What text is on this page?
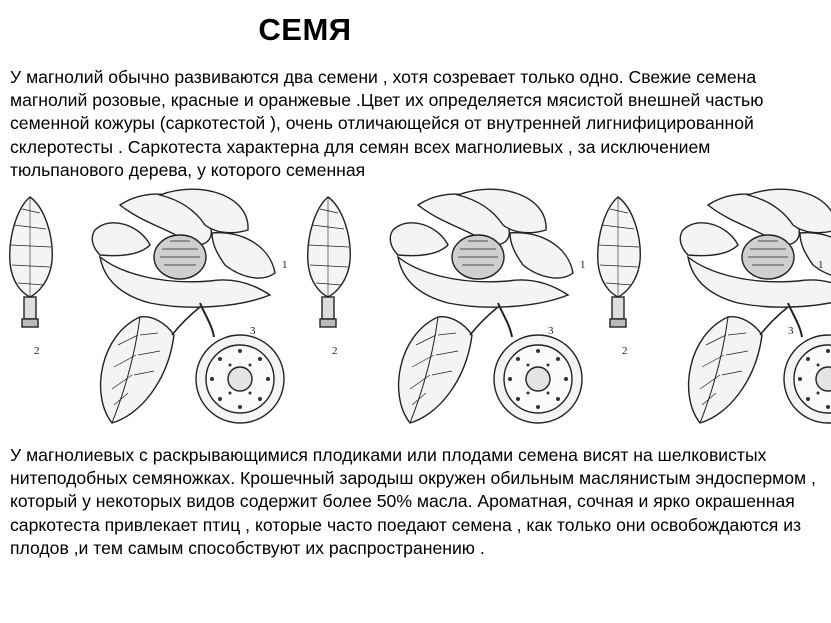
СЕМЯ

У магнолий обычно развиваются два семени , хотя созревает только одно. Свежие семена магнолий розовые, красные и оранжевые .Цвет их определяется мясистой внешней частью семенной кожуры (саркотестой ), очень отличающейся от внутренней лигнифицированной склеротесты . Саркотеста характерна для семян всех магнолиевых , за исключением тюльпанового дерева, у которого семенная

1
2
3
1
2
3
2
1
3

У магнолиевых с раскрывающимися плодиками или плодами семена висят на шелковистых нитеподобных семяножках. Крошечный зародыш окружен обильным маслянистым эндоспермом , который у некоторых видов содержит более 50% масла. Ароматная, сочная и ярко окрашенная саркотеста привлекает птиц , которые часто поедают семена , как только они освобождаются из плодов ,и тем самым способствуют их распространению .
